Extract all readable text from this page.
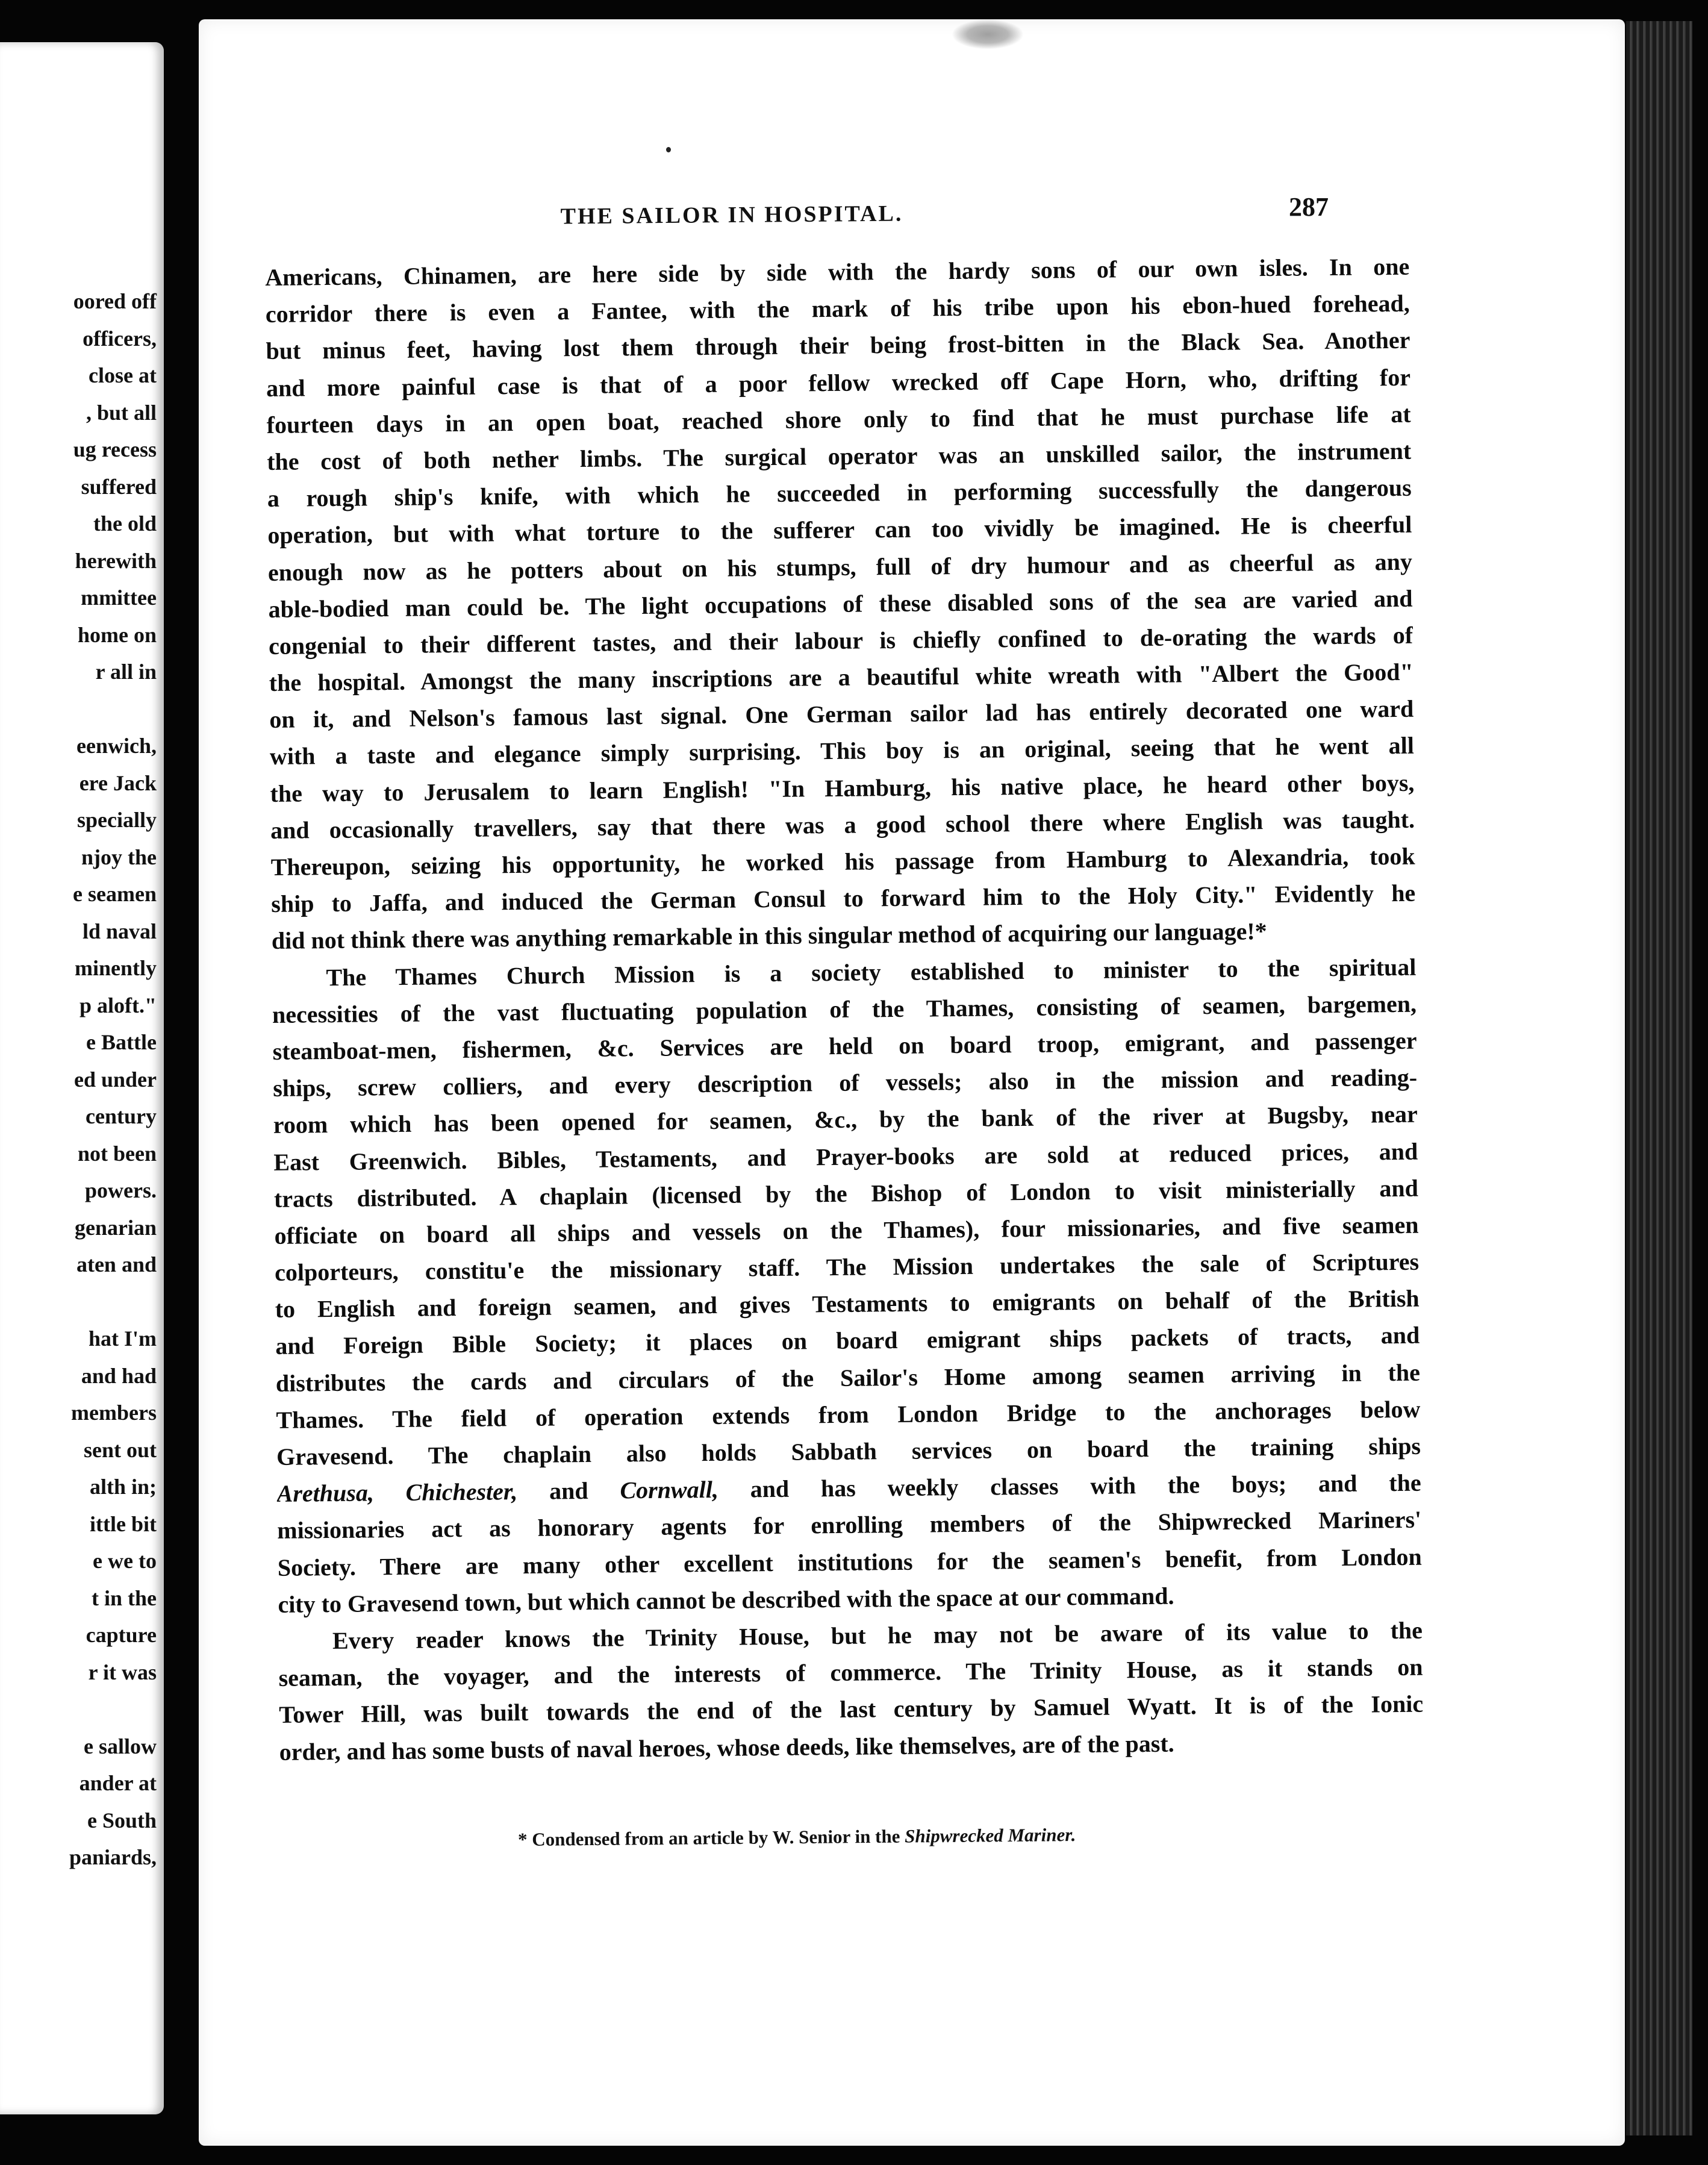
oored off
officers,
close at
, but all
ug recess
suffered
the old
herewith
mmittee
home on
r all in
eenwich,
ere Jack
specially
njoy the
e seamen
ld naval
minently
p aloft."
e Battle
ed under
century
not been
powers.
genarian
aten and
hat I'm
and had
members
sent out
alth in;
ittle bit
e we to
t in the
capture
r it was
e sallow
ander at
e South
paniards,
THE SAILOR IN HOSPITAL.	287
Americans, Chinamen, are here side by side with the hardy sons of our own isles. In one
corridor there is even a Fantee, with the mark of his tribe upon his ebon-hued forehead,
but minus feet, having lost them through their being frost-bitten in the Black Sea. Another
and more painful case is that of a poor fellow wrecked off Cape Horn, who, drifting for
fourteen days in an open boat, reached shore only to find that he must purchase life at
the cost of both nether limbs. The surgical operator was an unskilled sailor, the instrument
a rough ship's knife, with which he succeeded in performing successfully the dangerous
operation, but with what torture to the sufferer can too vividly be imagined. He is cheerful
enough now as he potters about on his stumps, full of dry humour and as cheerful as any
able-bodied man could be. The light occupations of these disabled sons of the sea are varied and
congenial to their different tastes, and their labour is chiefly confined to de-orating the wards of
the hospital. Amongst the many inscriptions are a beautiful white wreath with "Albert the Good"
on it, and Nelson's famous last signal. One German sailor lad has entirely decorated one ward
with a taste and elegance simply surprising. This boy is an original, seeing that he went all
the way to Jerusalem to learn English! "In Hamburg, his native place, he heard other boys,
and occasionally travellers, say that there was a good school there where English was taught.
Thereupon, seizing his opportunity, he worked his passage from Hamburg to Alexandria, took
ship to Jaffa, and induced the German Consul to forward him to the Holy City." Evidently he
did not think there was anything remarkable in this singular method of acquiring our language!*
The Thames Church Mission is a society established to minister to the spiritual
necessities of the vast fluctuating population of the Thames, consisting of seamen, bargemen,
steamboat-men, fishermen, &c. Services are held on board troop, emigrant, and passenger
ships, screw colliers, and every description of vessels; also in the mission and reading-
room which has been opened for seamen, &c., by the bank of the river at Bugsby, near
East Greenwich. Bibles, Testaments, and Prayer-books are sold at reduced prices, and
tracts distributed. A chaplain (licensed by the Bishop of London to visit ministerially and
officiate on board all ships and vessels on the Thames), four missionaries, and five seamen
colporteurs, constitu'e the missionary staff. The Mission undertakes the sale of Scriptures
to English and foreign seamen, and gives Testaments to emigrants on behalf of the British
and Foreign Bible Society; it places on board emigrant ships packets of tracts, and
distributes the cards and circulars of the Sailor's Home among seamen arriving in the
Thames. The field of operation extends from London Bridge to the anchorages below
Gravesend. The chaplain also holds Sabbath services on board the training ships
Arethusa, Chichester, and Cornwall, and has weekly classes with the boys; and the
missionaries act as honorary agents for enrolling members of the Shipwrecked Mariners'
Society. There are many other excellent institutions for the seamen's benefit, from London
city to Gravesend town, but which cannot be described with the space at our command.
Every reader knows the Trinity House, but he may not be aware of its value to the
seaman, the voyager, and the interests of commerce. The Trinity House, as it stands on
Tower Hill, was built towards the end of the last century by Samuel Wyatt. It is of the Ionic
order, and has some busts of naval heroes, whose deeds, like themselves, are of the past.
* Condensed from an article by W. Senior in the Shipwrecked Mariner.
